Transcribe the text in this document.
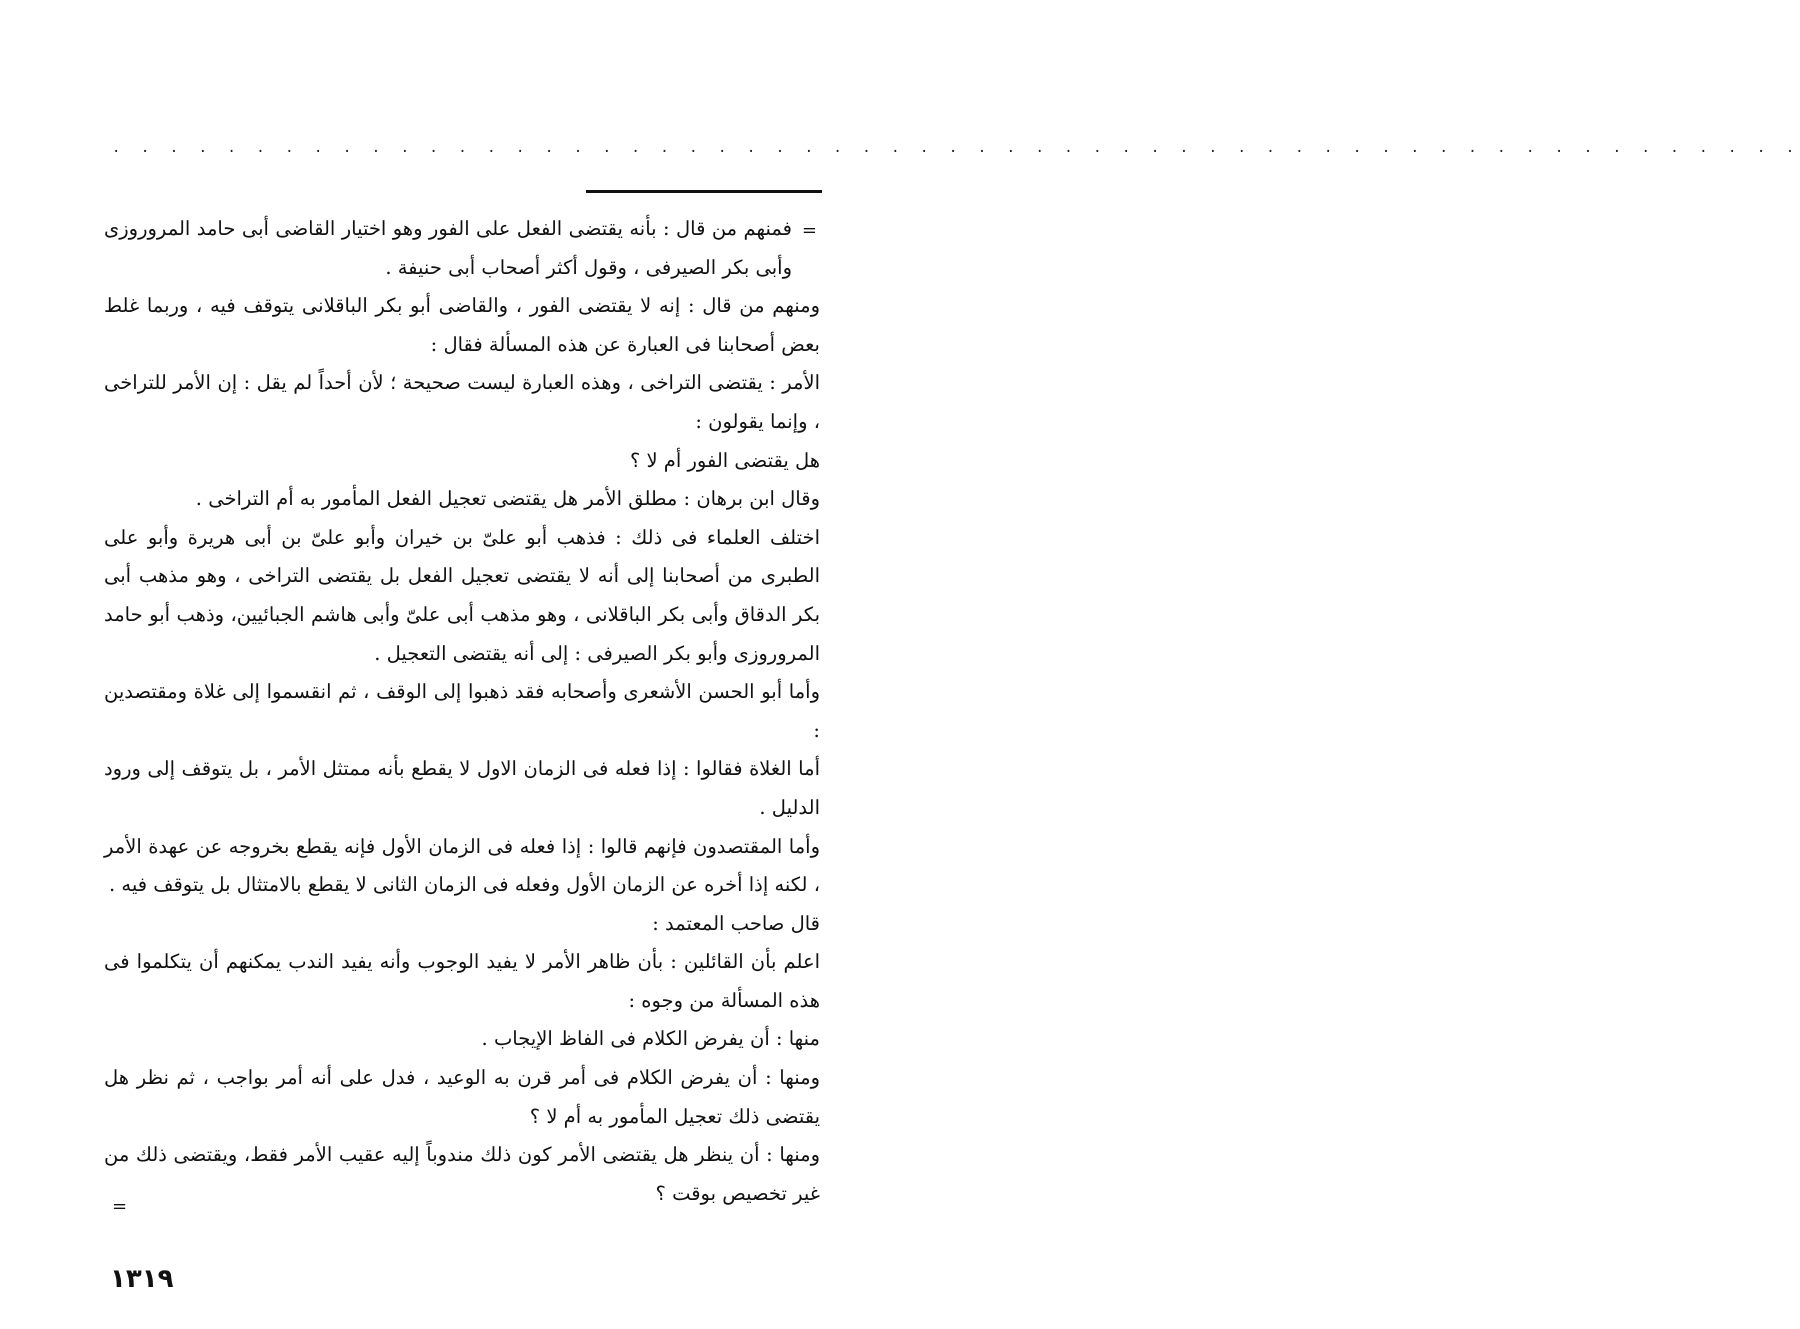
. . . . . . . . . . . . . . . . . . . . . . . . . . . . . . . . . . . . . . . . . . . . . . . . . . . . . . . . . . .
=

فمنهم من قال : بأنه يقتضى الفعل على الفور وهو اختيار القاضى أبى حامد المروروزى وأبى بكر الصيرفى ، وقول أكثر أصحاب أبى حنيفة .

ومنهم من قال : إنه لا يقتضى الفور ، والقاضى أبو بكر الباقلانى يتوقف فيه ، وربما غلط بعض أصحابنا فى العبارة عن هذه المسألة فقال :

الأمر : يقتضى التراخى ، وهذه العبارة ليست صحيحة ؛ لأن أحداً لم يقل : إن الأمر للتراخى ، وإنما يقولون :

هل يقتضى الفور أم لا ؟

وقال ابن برهان : مطلق الأمر هل يقتضى تعجيل الفعل المأمور به أم التراخى .

اختلف العلماء فى ذلك : فذهب أبو علىّ بن خيران وأبو علىّ بن أبى هريرة وأبو على الطبرى من أصحابنا إلى أنه لا يقتضى تعجيل الفعل بل يقتضى التراخى ، وهو مذهب أبى بكر الدقاق وأبى بكر الباقلانى ، وهو مذهب أبى علىّ وأبى هاشم الجبائيين، وذهب أبو حامد المروروزى وأبو بكر الصيرفى : إلى أنه يقتضى التعجيل .

وأما أبو الحسن الأشعرى وأصحابه فقد ذهبوا إلى الوقف ، ثم انقسموا إلى غلاة ومقتصدين :

أما الغلاة فقالوا : إذا فعله فى الزمان الاول لا يقطع بأنه ممتثل الأمر ، بل يتوقف إلى ورود الدليل .

وأما المقتصدون فإنهم قالوا : إذا فعله فى الزمان الأول فإنه يقطع بخروجه عن عهدة الأمر ، لكنه إذا أخره عن الزمان الأول وفعله فى الزمان الثانى لا يقطع بالامتثال بل يتوقف فيه .

قال صاحب المعتمد :

اعلم بأن القائلين : بأن ظاهر الأمر لا يفيد الوجوب وأنه يفيد الندب يمكنهم أن يتكلموا فى هذه المسألة من وجوه :

منها : أن يفرض الكلام فى الفاظ الإيجاب .

ومنها : أن يفرض الكلام فى أمر قرن به الوعيد ، فدل على أنه أمر بواجب ، ثم نظر هل يقتضى ذلك تعجيل المأمور به أم لا ؟

ومنها : أن ينظر هل يقتضى الأمر كون ذلك مندوباً إليه عقيب الأمر فقط، ويقتضى ذلك من غير تخصيص بوقت ؟

=
١٣١٩
